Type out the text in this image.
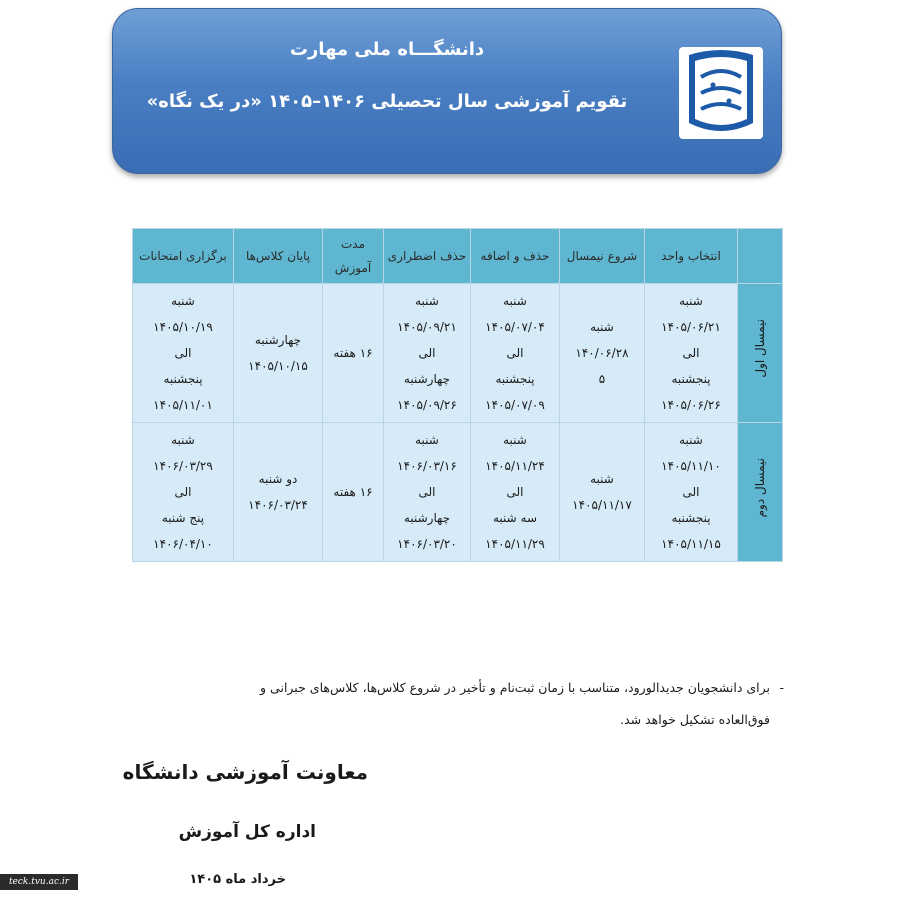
دانشگـــاه ملی مهارت
تقویم آموزشی سال تحصیلی ۱۴۰۶–۱۴۰۵ «در یک نگاه»
	انتخاب واحد	شروع نیمسال	حذف و اضافه	حذف اضطراری	مدت آموزش	پایان کلاس‌ها	برگزاری امتحانات
نیمسال اول	شنبه
۱۴۰۵/۰۶/۲۱
الی
پنجشنبه
۱۴۰۵/۰۶/۲۶	شنبه
۱۴۰/۰۶/۲۸
۵	شنبه
۱۴۰۵/۰۷/۰۴
الی
پنجشنبه
۱۴۰۵/۰۷/۰۹	شنبه
۱۴۰۵/۰۹/۲۱
الی
چهارشنبه
۱۴۰۵/۰۹/۲۶	۱۶ هفته	چهارشنبه
۱۴۰۵/۱۰/۱۵	شنبه
۱۴۰۵/۱۰/۱۹
الی
پنجشنبه
۱۴۰۵/۱۱/۰۱

نیمسال دوم	شنبه
۱۴۰۵/۱۱/۱۰
الی
پنجشنبه
۱۴۰۵/۱۱/۱۵	شنبه
۱۴۰۵/۱۱/۱۷	شنبه
۱۴۰۵/۱۱/۲۴
الی
سه شنبه
۱۴۰۵/۱۱/۲۹	شنبه
۱۴۰۶/۰۳/۱۶
الی
چهارشنبه
۱۴۰۶/۰۳/۲۰	۱۶ هفته	دو شنبه
۱۴۰۶/۰۳/۲۴	شنبه
۱۴۰۶/۰۳/۲۹
الی
پنج شنبه
۱۴۰۶/۰۴/۱۰
-
برای دانشجویان جدیدالورود، متناسب با زمان ثبت‌نام و تأخیر در شروع کلاس‌ها، کلاس‌های جبرانی و
فوق‌العاده تشکیل خواهد شد.
معاونت آموزشی دانشگاه
اداره کل آموزش
خرداد ماه ۱۴۰۵
teck.tvu.ac.ir
